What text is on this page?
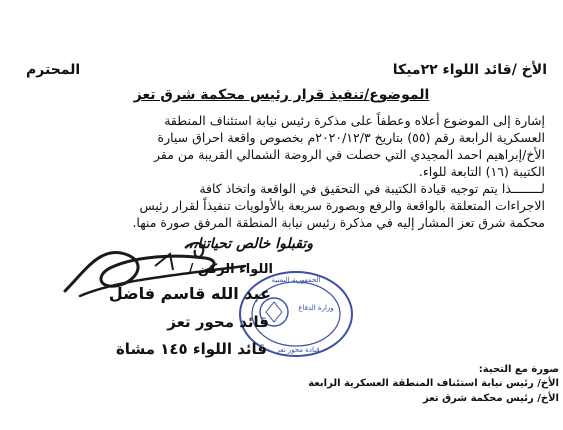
الأخ /قائد اللواء ٢٢ميكا
المحترم
الموضوع/تنفيذ قرار رئيس محكمة شرق تعز
إشارة إلى الموضوع أعلاه وعطفاً على مذكرة رئيس نيابة استئناف المنطقة
العسكرية الرابعة رقم (٥٥) بتاريخ ٢٠٢٠/١٢/٣م بخصوص واقعة احراق سيارة
الأخ/إبراهيم احمد المجيدي التي حصلت في الروضة الشمالي القريبة من مقر
الكتيبة (١٦) التابعة للواء.
لــــــــذا يتم توجيه قيادة الكتيبة في التحقيق في الواقعة واتخاذ كافة
الاجراءات المتعلقة بالواقعة والرفع وبصورة سريعة بالأولويات تنفيذاً لقرار رئيس
محكمة شرق تعز المشار إليه في مذكرة رئيس نيابة المنطقة المرفق صورة منها.
وتقبلوا خالص تحياتنا،،،
الجمهورية اليمنية
وزارة الدفاع
قيادة محور تعز
اللواء الركن /
عبد الله قاسم فاضل
قائد محور تعز
قائد اللواء ١٤٥ مشاة
صورة مع التحية:
الأخ/ رئيس نيابة استئناف المنطقة العسكرية الرابعة
الأخ/ رئيس محكمة شرق تعز
